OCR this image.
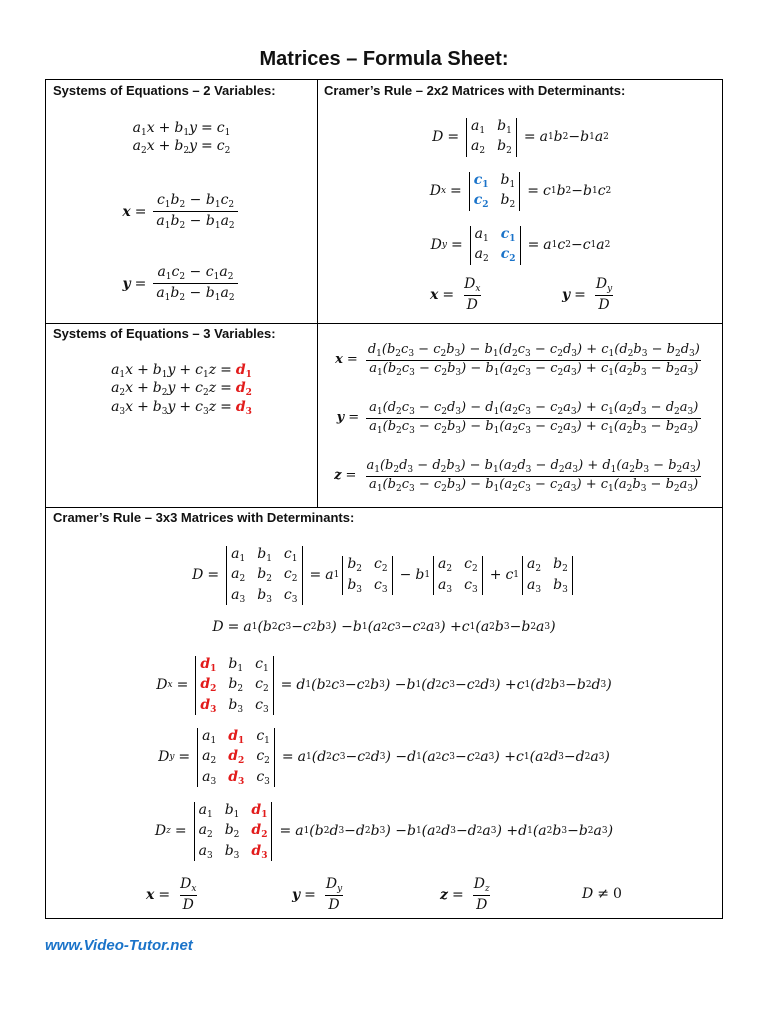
Matrices – Formula Sheet:
Systems of Equations – 2 Variables:	Cramer’s Rule – 2x2 Matrices with Determinants:
Systems of Equations – 3 Variables:
Cramer’s Rule – 3x3 Matrices with Determinants:
$a_1x + b_1y = c_1$
$a_2x + b_2y = c_2$
$x = \frac{c_1b_2 - b_1c_2}{a_1b_2 - b_1a_2}$
$y = \frac{a_1c_2 - c_1a_2}{a_1b_2 - b_1a_2}$
D =
$a_1$ $b_1$
$a_2$ $b_2$
= a 1 b 2 − b 1 a 2
D x =
$c_1$ $b_1$
$c_2$ $b_2$
= c 1 b 2 − b 1 c 2
D y =
$a_1$ $c_1$
$a_2$ $c_2$
= a 1 c 2 − c 1 a 2
$x = \frac{D_x}{D}$	$y = \frac{D_y}{D}$
$a_1x + b_1y + c_1z = d_1$
$a_2x + b_2y + c_2z = d_2$
$a_3x + b_3y + c_3z = d_3$
$x = \frac{d_1(b_2c_3 - c_2b_3) - b_1(d_2c_3 - c_2d_3) + c_1(d_2b_3 - b_2d_3)}{a_1(b_2c_3 - c_2b_3) - b_1(a_2c_3 - c_2a_3) + c_1(a_2b_3 - b_2a_3)}$
$y = \frac{a_1(d_2c_3 - c_2d_3) - d_1(a_2c_3 - c_2a_3) + c_1(a_2d_3 - d_2a_3)}{a_1(b_2c_3 - c_2b_3) - b_1(a_2c_3 - c_2a_3) + c_1(a_2b_3 - b_2a_3)}$
$z = \frac{a_1(b_2d_3 - d_2b_3) - b_1(a_2d_3 - d_2a_3) + d_1(a_2b_3 - b_2a_3)}{a_1(b_2c_3 - c_2b_3) - b_1(a_2c_3 - c_2a_3) + c_1(a_2b_3 - b_2a_3)}$
D =
$a_1$ $b_1$ $c_1$
$a_2$ $b_2$ $c_2$
$a_3$ $b_3$ $c_3$
= a 1
$b_2$ $c_2$
$b_3$ $c_3$
− b 1
$a_2$ $c_2$
$a_3$ $c_3$
+ c 1
$a_2$ $b_2$
$a_3$ $b_3$
D = a 1 ( b 2 c 3 − c 2 b 3 ) − b 1 ( a 2 c 3 − c 2 a 3 ) + c 1 ( a 2 b 3 − b 2 a 3 )
D x =
$d_1$ $b_1$ $c_1$
$d_2$ $b_2$ $c_2$
$d_3$ $b_3$ $c_3$
= d 1 ( b 2 c 3 − c 2 b 3 ) − b 1 ( d 2 c 3 − c 2 d 3 ) + c 1 ( d 2 b 3 − b 2 d 3 )
D y =
$a_1$ $d_1$ $c_1$
$a_2$ $d_2$ $c_2$
$a_3$ $d_3$ $c_3$
= a 1 ( d 2 c 3 − c 2 d 3 ) − d 1 ( a 2 c 3 − c 2 a 3 ) + c 1 ( a 2 d 3 − d 2 a 3 )
D z =
$a_1$ $b_1$ $d_1$
$a_2$ $b_2$ $d_2$
$a_3$ $b_3$ $d_3$
= a 1 ( b 2 d 3 − d 2 b 3 ) − b 1 ( a 2 d 3 − d 2 a 3 ) + d 1 ( a 2 b 3 − b 2 a 3 )
$x = \frac{D_x}{D}$	$y = \frac{D_y}{D}$	$z = \frac{D_z}{D}$	D ≠ 0
www.Video-Tutor.net
